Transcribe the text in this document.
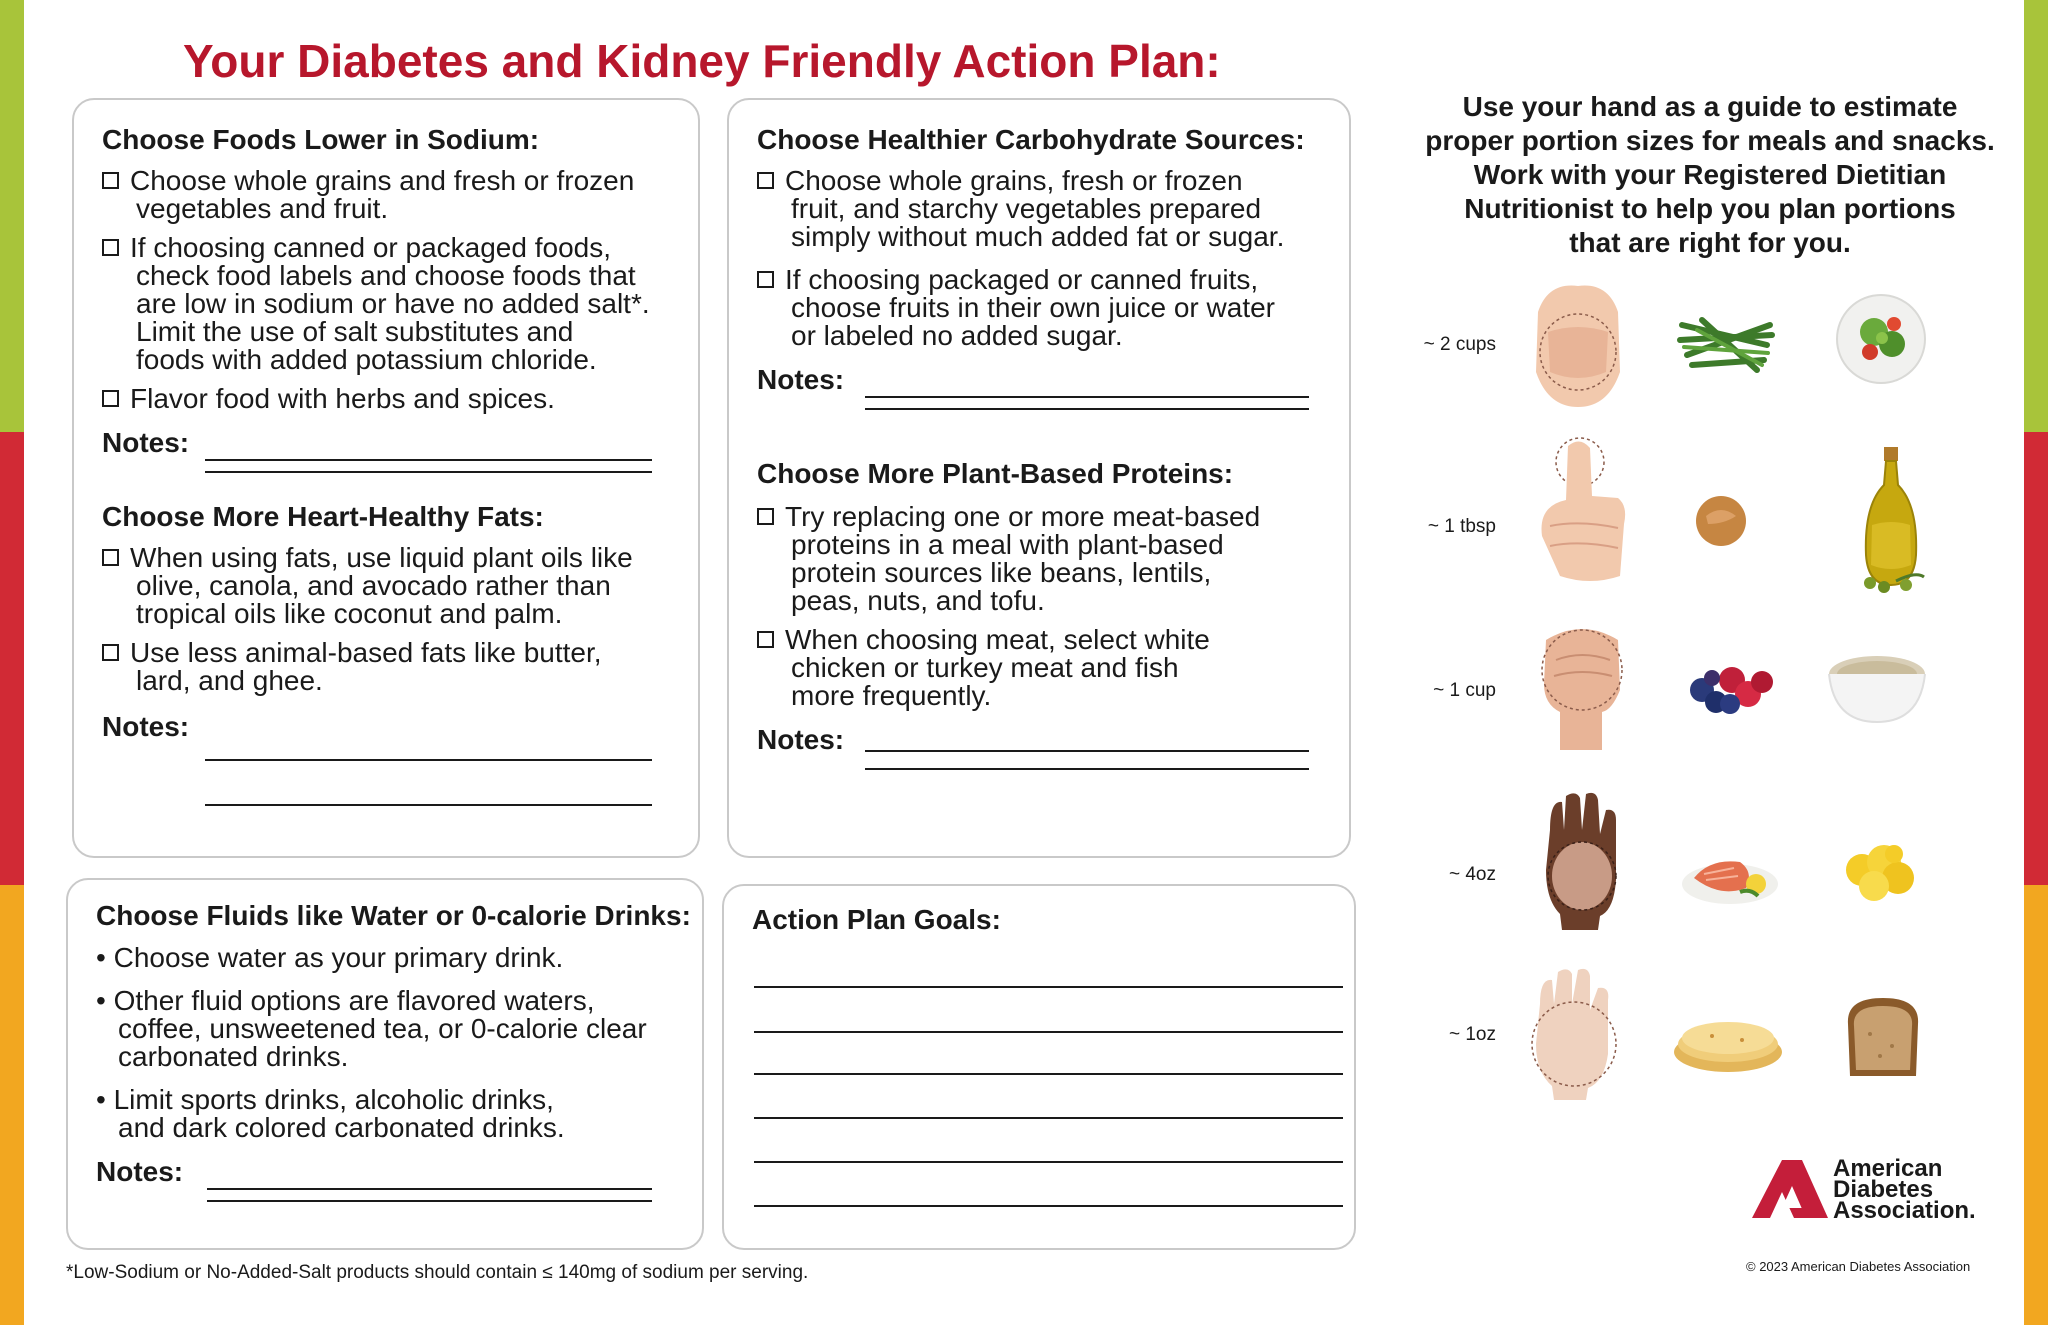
Your Diabetes and Kidney Friendly Action Plan:
Choose Foods Lower in Sodium:
Choose whole grains and fresh or frozen
vegetables and fruit.
If choosing canned or packaged foods,
check food labels and choose foods that
are low in sodium or have no added salt*.
Limit the use of salt substitutes and
foods with added potassium chloride.
Flavor food with herbs and spices.
Notes:
Choose More Heart-Healthy Fats:
When using fats, use liquid plant oils like
olive, canola, and avocado rather than
tropical oils like coconut and palm.
Use less animal-based fats like butter,
lard, and ghee.
Notes:
Choose Healthier Carbohydrate Sources:
Choose whole grains, fresh or frozen
fruit, and starchy vegetables prepared
simply without much added fat or sugar.
If choosing packaged or canned fruits,
choose fruits in their own juice or water
or labeled no added sugar.
Notes:
Choose More Plant-Based Proteins:
Try replacing one or more meat-based
proteins in a meal with plant-based
protein sources like beans, lentils,
peas, nuts, and tofu.
When choosing meat, select white
chicken or turkey meat and fish
more frequently.
Notes:
Choose Fluids like Water or 0-calorie Drinks:
• Choose water as your primary drink.
• Other fluid options are flavored waters,
coffee, unsweetened tea, or 0-calorie clear
carbonated drinks.
• Limit sports drinks, alcoholic drinks,
and dark colored carbonated drinks.
Notes:
Action Plan Goals:
Use your hand as a guide to estimate
proper portion sizes for meals and snacks.
Work with your Registered Dietitian
Nutritionist to help you plan portions
that are right for you.
~ 2 cups
~ 1 tbsp
~ 1 cup
~ 4oz
~ 1oz
American
Diabetes
Association.
*Low-Sodium or No-Added-Salt products should contain ≤ 140mg of sodium per serving.	© 2023 American Diabetes Association
